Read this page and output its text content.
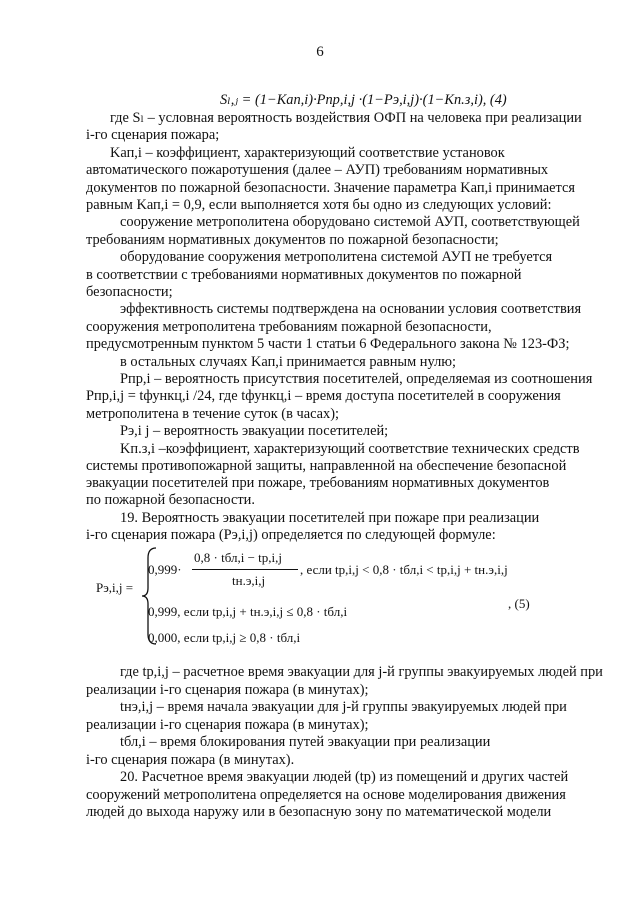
6
Sₗ,ⱼ = (1−Kап,i)·Pпр,i,j ·(1−Pэ,i,j)·(1−Kп.з,i), (4)
где Sₗ – условная вероятность воздействия ОФП на человека при реализации
i-го сценария пожара;
Kап,i – коэффициент, характеризующий соответствие установок
автоматического пожаротушения (далее – АУП) требованиям нормативных
документов по пожарной безопасности. Значение параметра Kап,i принимается
равным Kап,i = 0,9, если выполняется хотя бы одно из следующих условий:
сооружение метрополитена оборудовано системой АУП, соответствующей
требованиям нормативных документов по пожарной безопасности;
оборудование сооружения метрополитена системой АУП не требуется
в соответствии с требованиями нормативных документов по пожарной
безопасности;
эффективность системы подтверждена на основании условия соответствия
сооружения метрополитена требованиям пожарной безопасности,
предусмотренным пунктом 5 части 1 статьи 6 Федерального закона № 123-ФЗ;
в остальных случаях Kап,i принимается равным нулю;
Pпр,i – вероятность присутствия посетителей, определяемая из соотношения
Pпр,i,j = tфункц,i /24, где tфункц,i – время доступа посетителей в сооружения
метрополитена в течение суток (в часах);
Pэ,i j – вероятность эвакуации посетителей;
Kп.з,i –коэффициент, характеризующий соответствие технических средств
системы противопожарной защиты, направленной на обеспечение безопасной
эвакуации посетителей при пожаре, требованиям нормативных документов
по пожарной безопасности.
19. Вероятность эвакуации посетителей при пожаре при реализации
i-го сценария пожара (Pэ,i,j) определяется по следующей формуле:
Pэ,i,j =
0,999·
0,8 · tбл,i − tр,i,j
tн.э,i,j
, если tр,i,j < 0,8 · tбл,i < tр,i,j + tн.э,i,j
0,999, если tр,i,j + tн.э,i,j ≤ 0,8 · tбл,i
0,000, если tр,i,j ≥ 0,8 · tбл,i
, (5)
где tр,i,j – расчетное время эвакуации для j-й группы эвакуируемых людей при
реализации i-го сценария пожара (в минутах);
tнэ,i,j – время начала эвакуации для j-й группы эвакуируемых людей при
реализации i-го сценария пожара (в минутах);
tбл,i – время блокирования путей эвакуации при реализации
i-го сценария пожара (в минутах).
20. Расчетное время эвакуации людей (tр) из помещений и других частей
сооружений метрополитена определяется на основе моделирования движения
людей до выхода наружу или в безопасную зону по математической модели
